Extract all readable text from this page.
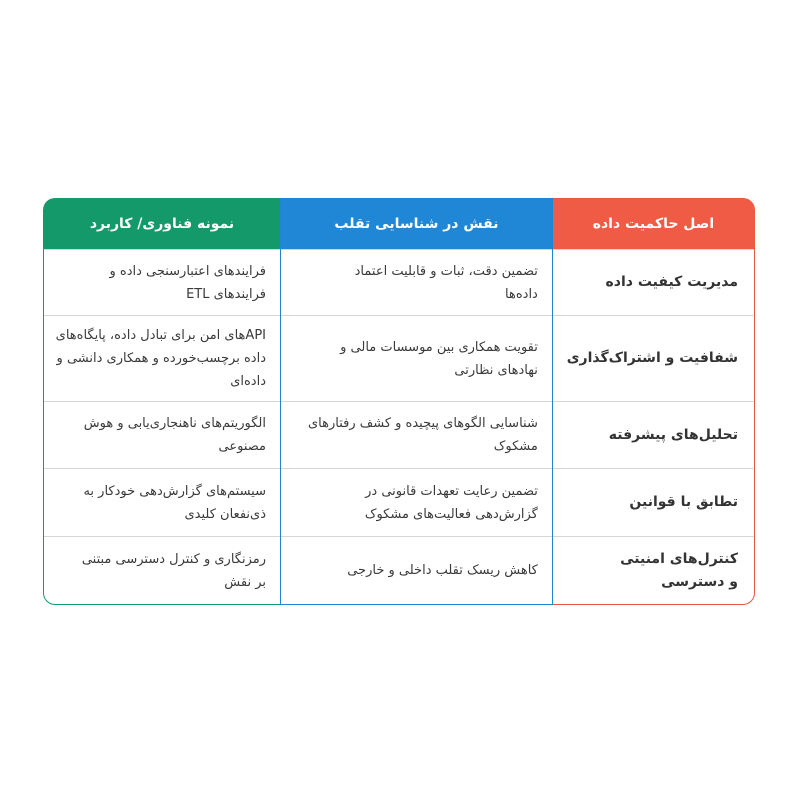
اصل حاکمیت داده
مدیریت کیفیت داده
شفافیت و اشتراک‌گذاری
تحلیل‌های پیشرفته
تطابق با قوانین
کنترل‌های امنیتی و دسترسی
نقش در شناسایی تقلب
تضمین دقت، ثبات و قابلیت اعتماد داده‌ها
تقویت همکاری بین موسسات مالی و نهادهای نظارتی
شناسایی الگوهای پیچیده و کشف رفتارهای مشکوک
تضمین رعایت تعهدات قانونی در گزارش‌دهی فعالیت‌های مشکوک
کاهش ریسک تقلب داخلی و خارجی
نمونه فناوری/ کاربرد
فرایندهای اعتبارسنجی داده و فرایندهای ETL
APIهای امن برای تبادل داده، پایگاه‌های داده برچسب‌خورده و همکاری دانشی و داده‌ای
الگوریتم‌های ناهنجاری‌یابی و هوش مصنوعی
سیستم‌های گزارش‌دهی خودکار به ذی‌نفعان کلیدی
رمزنگاری و کنترل دسترسی مبتنی بر نقش
